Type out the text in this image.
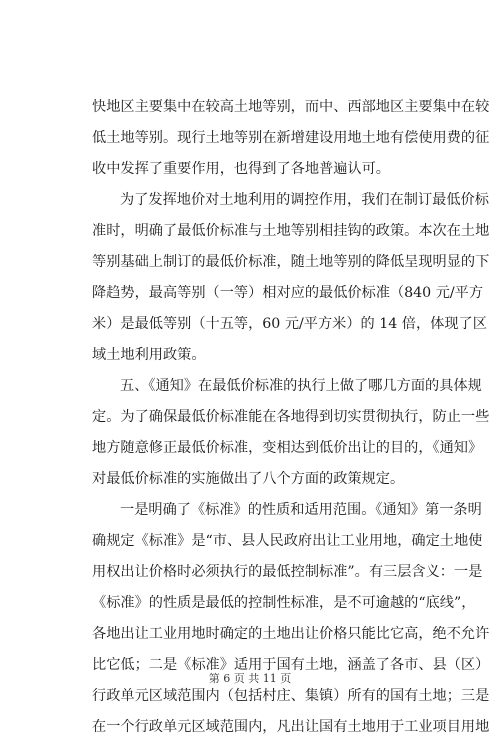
快地区主要集中在较高土地等别，而中、西部地区主要集中在较
低土地等别。现行土地等别在新增建设用地土地有偿使用费的征
收中发挥了重要作用，也得到了各地普遍认可。
为了发挥地价对土地利用的调控作用，我们在制订最低价标
准时，明确了最低价标准与土地等别相挂钩的政策。本次在土地
等别基础上制订的最低价标准，随土地等别的降低呈现明显的下
降趋势，最高等别（一等）相对应的最低价标准（840 元/平方
米）是最低等别（十五等，60 元/平方米）的 14 倍，体现了区
域土地利用政策。
五、《通知》在最低价标准的执行上做了哪几方面的具体规
定。为了确保最低价标准能在各地得到切实贯彻执行，防止一些
地方随意修正最低价标准，变相达到低价出让的目的，《通知》
对最低价标准的实施做出了八个方面的政策规定。
一是明确了《标准》的性质和适用范围。《通知》第一条明
确规定《标准》是“市、县人民政府出让工业用地，确定土地使
用权出让价格时必须执行的最低控制标准”。有三层含义：一是
《标准》的性质是最低的控制性标准，是不可逾越的“底线”，
各地出让工业用地时确定的土地出让价格只能比它高，绝不允许
比它低；二是《标准》适用于国有土地，涵盖了各市、县（区）
行政单元区域范围内（包括村庄、集镇）所有的国有土地；三是
在一个行政单元区域范围内，凡出让国有土地用于工业项目用地
第 6 页 共 11 页
